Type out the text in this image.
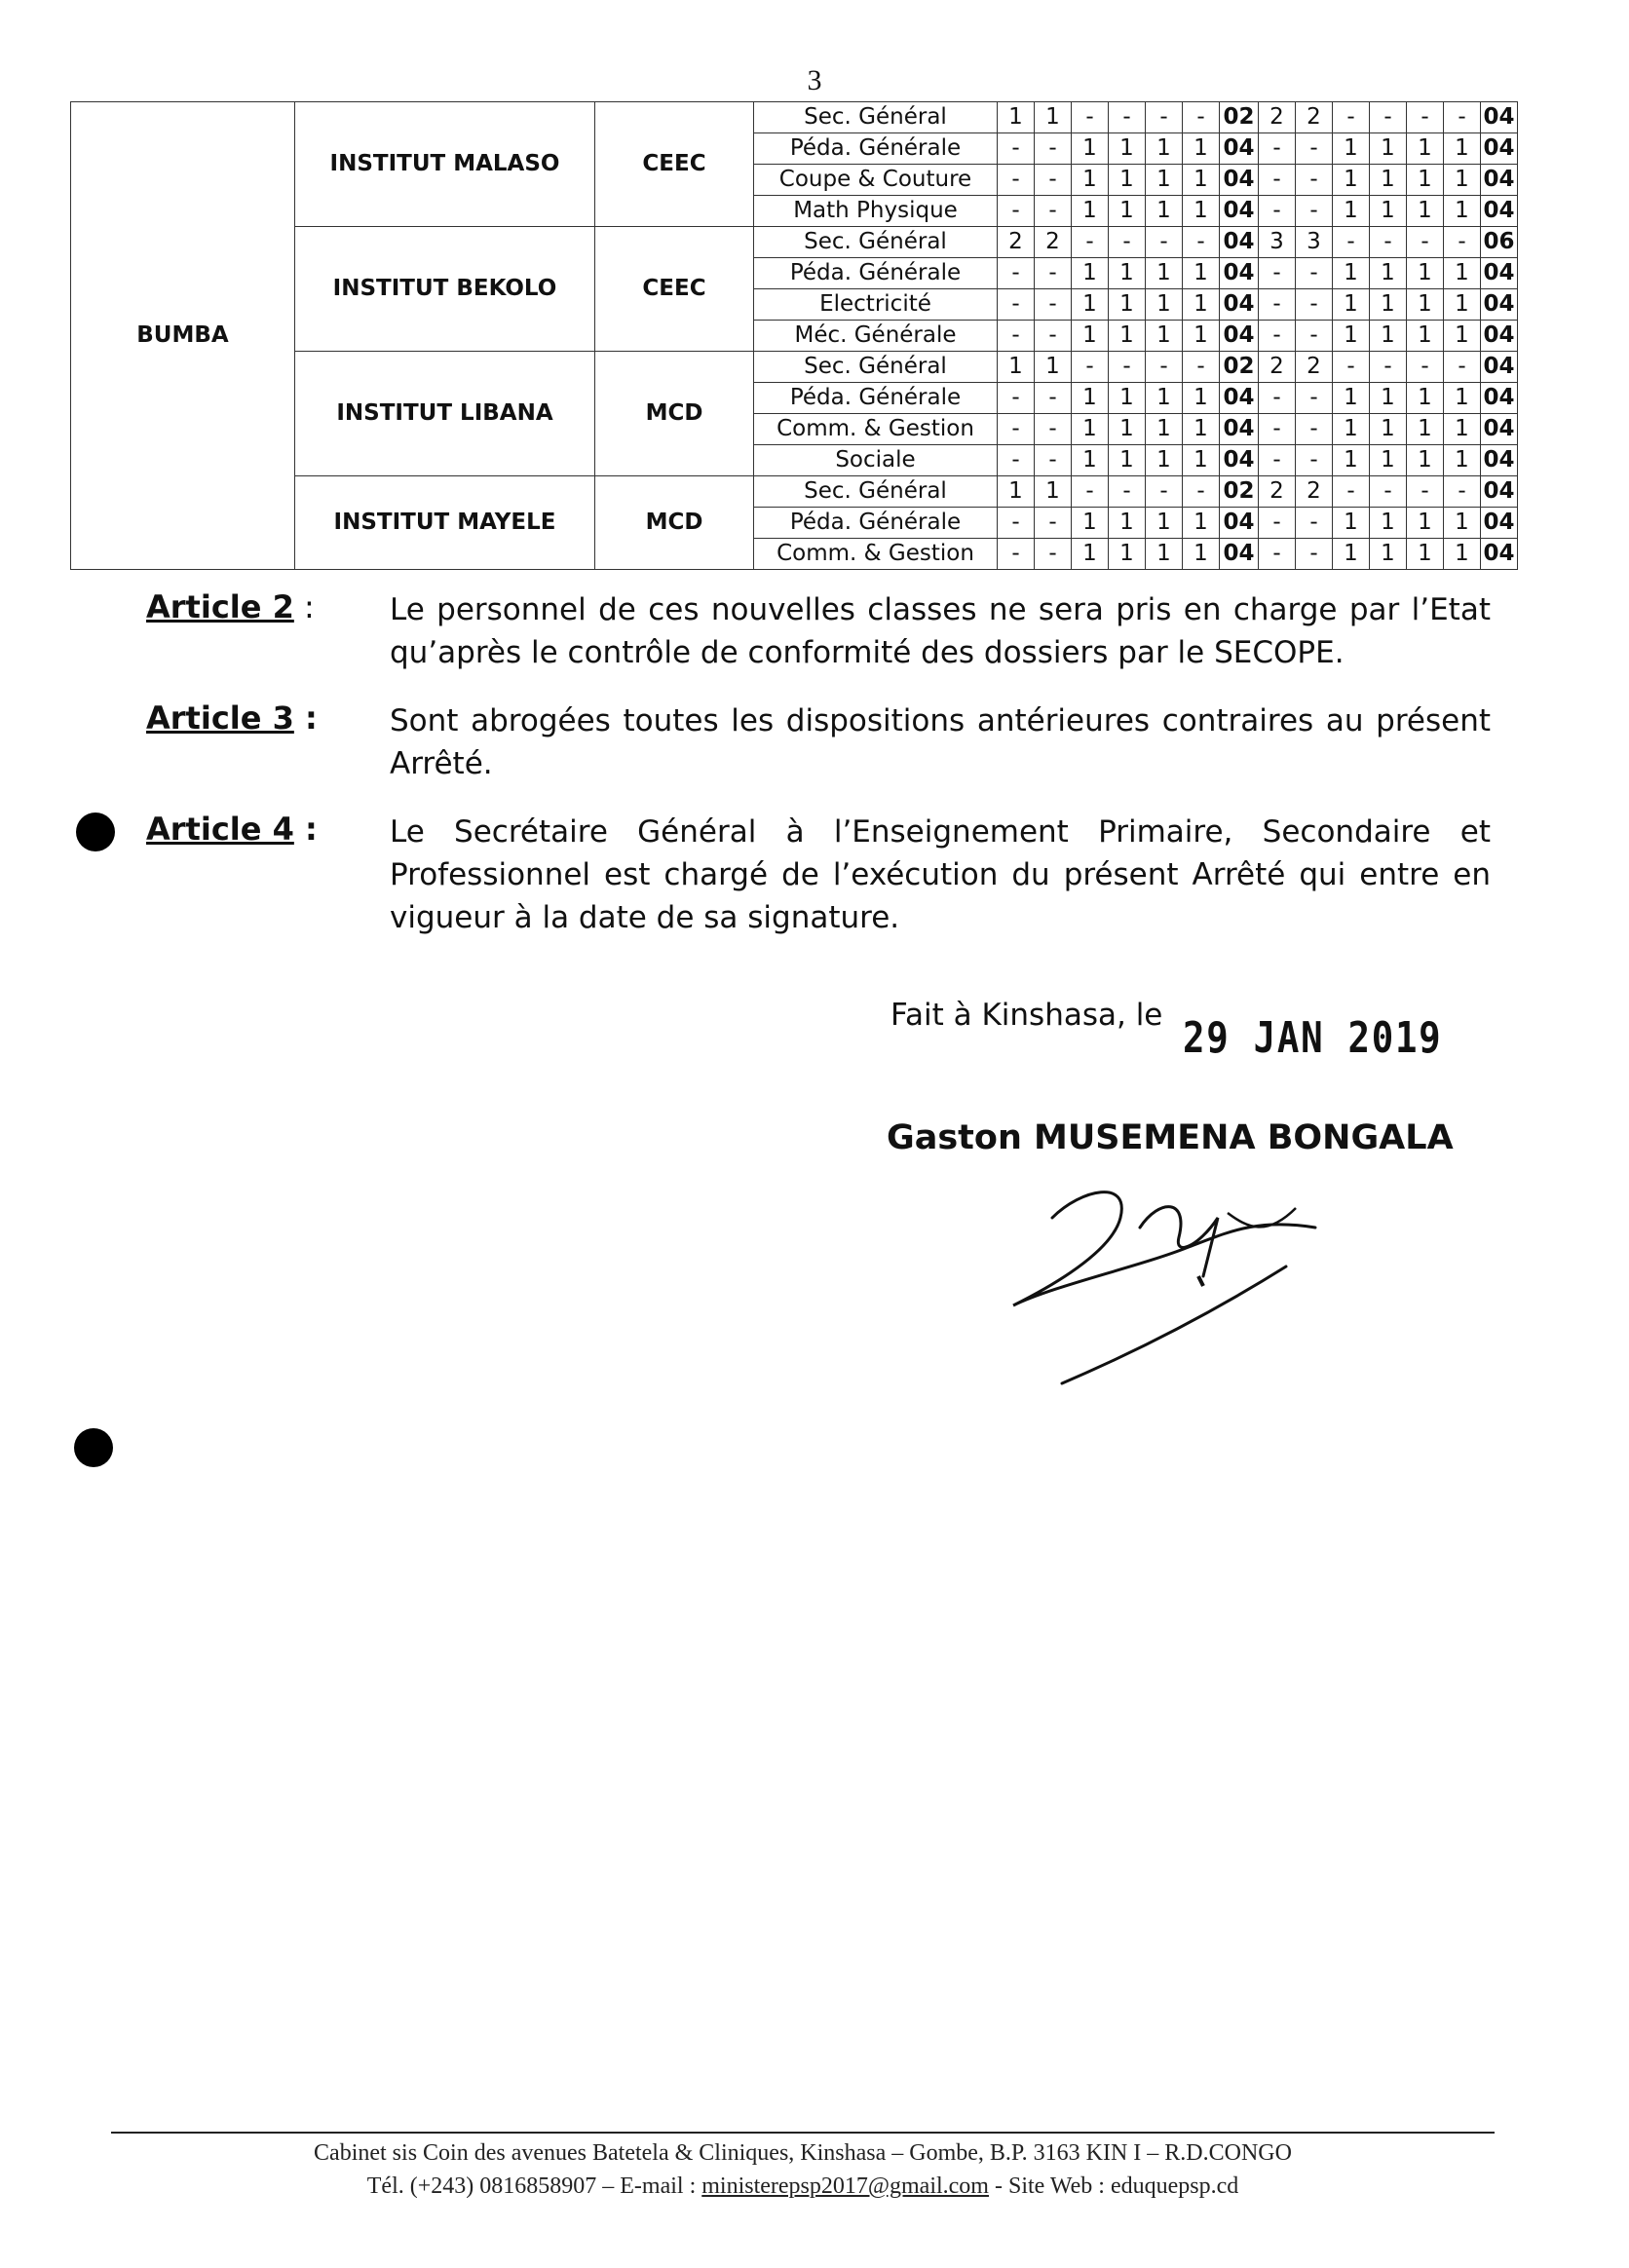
3
BUMBA	INSTITUT MALASO	CEEC	Sec. Général	1	1	-	-	-	-	02	2	2	-	-	-	-	04
			Péda. Générale	-	-	1	1	1	1	04	-	-	1	1	1	1	04
			Coupe & Couture	-	-	1	1	1	1	04	-	-	1	1	1	1	04
			Math Physique	-	-	1	1	1	1	04	-	-	1	1	1	1	04
	INSTITUT BEKOLO	CEEC	Sec. Général	2	2	-	-	-	-	04	3	3	-	-	-	-	06
			Péda. Générale	-	-	1	1	1	1	04	-	-	1	1	1	1	04
			Electricité	-	-	1	1	1	1	04	-	-	1	1	1	1	04
			Méc. Générale	-	-	1	1	1	1	04	-	-	1	1	1	1	04
	INSTITUT LIBANA	MCD	Sec. Général	1	1	-	-	-	-	02	2	2	-	-	-	-	04
			Péda. Générale	-	-	1	1	1	1	04	-	-	1	1	1	1	04
			Comm. & Gestion	-	-	1	1	1	1	04	-	-	1	1	1	1	04
			Sociale	-	-	1	1	1	1	04	-	-	1	1	1	1	04
	INSTITUT MAYELE	MCD	Sec. Général	1	1	-	-	-	-	02	2	2	-	-	-	-	04
			Péda. Générale	-	-	1	1	1	1	04	-	-	1	1	1	1	04
			Comm. & Gestion	-	-	1	1	1	1	04	-	-	1	1	1	1	04
Article 2 :	Le personnel de ces nouvelles classes ne sera pris en charge par l’Etat qu’après le contrôle de conformité des dossiers par le SECOPE.
Article 3 :	Sont abrogées toutes les dispositions antérieures contraires au présent Arrêté.
Article 4 :	Le Secrétaire Général à l’Enseignement Primaire, Secondaire et Professionnel est chargé de l’exécution du présent Arrêté qui entre en vigueur à la date de sa signature.
Fait à Kinshasa, le 29 JAN 2019
Gaston MUSEMENA BONGALA
Cabinet sis Coin des avenues Batetela & Cliniques, Kinshasa – Gombe, B.P. 3163 KIN I – R.D.CONGO
Tél. (+243) 0816858907 – E-mail : ministerepsp2017@gmail.com - Site Web : eduquepsp.cd
